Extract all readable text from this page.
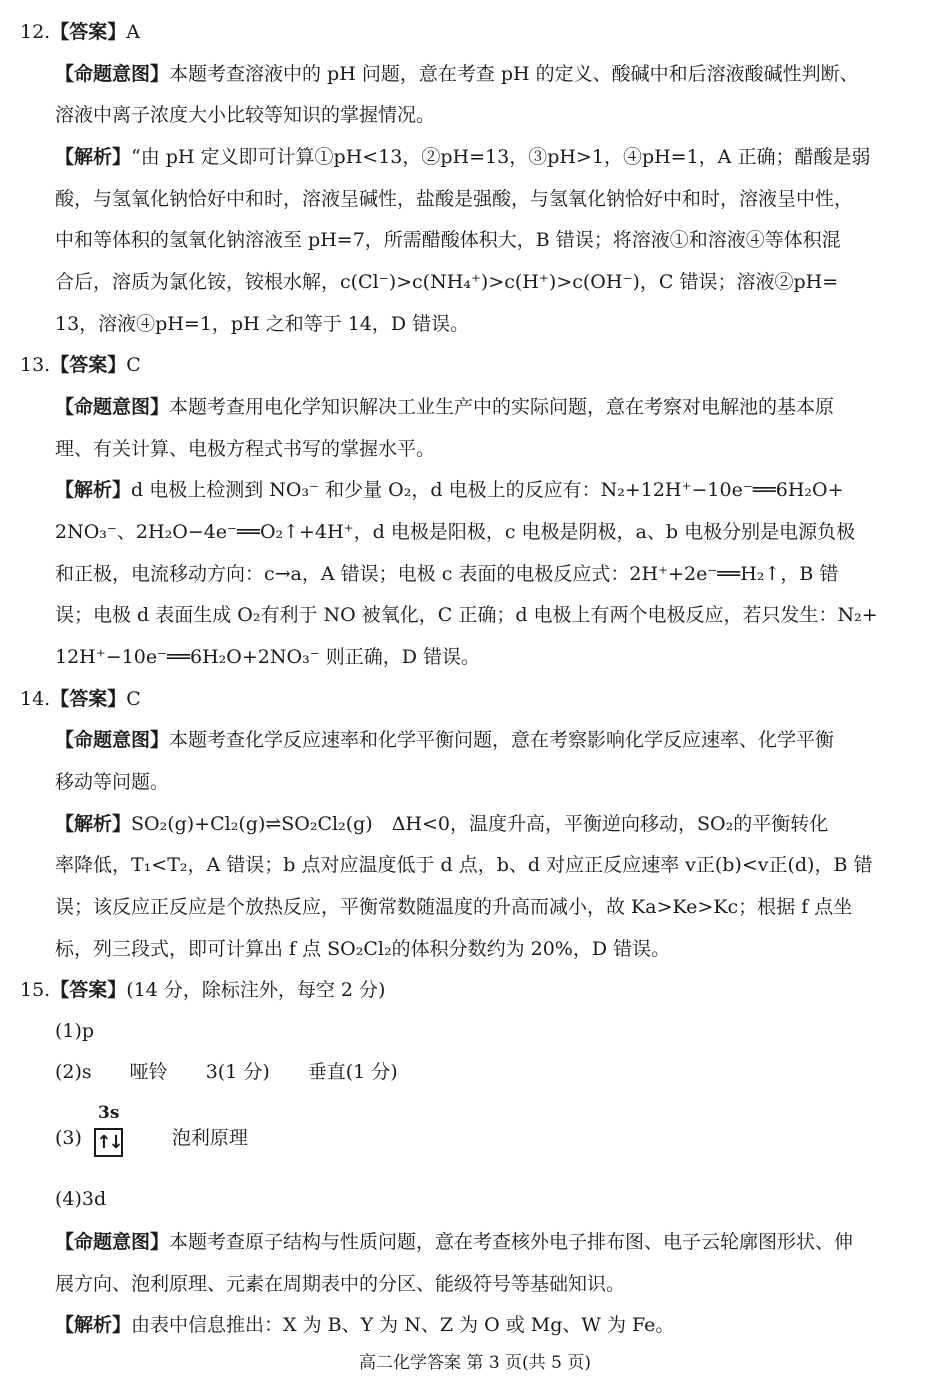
12.【答案】A

【命题意图】本题考查溶液中的 pH 问题，意在考查 pH 的定义、酸碱中和后溶液酸碱性判断、

溶液中离子浓度大小比较等知识的掌握情况。

【解析】“由 pH 定义即可计算①pH<13，②pH=13，③pH>1，④pH=1，A 正确；醋酸是弱

酸，与氢氧化钠恰好中和时，溶液呈碱性，盐酸是强酸，与氢氧化钠恰好中和时，溶液呈中性，

中和等体积的氢氧化钠溶液至 pH=7，所需醋酸体积大，B 错误；将溶液①和溶液④等体积混

合后，溶质为氯化铵，铵根水解，c(Cl⁻)>c(NH₄⁺)>c(H⁺)>c(OH⁻)，C 错误；溶液②pH=

13，溶液④pH=1，pH 之和等于 14，D 错误。

13.【答案】C

【命题意图】本题考查用电化学知识解决工业生产中的实际问题，意在考察对电解池的基本原

理、有关计算、电极方程式书写的掌握水平。

【解析】d 电极上检测到 NO₃⁻ 和少量 O₂，d 电极上的反应有：N₂+12H⁺−10e⁻══6H₂O+

2NO₃⁻、2H₂O−4e⁻══O₂↑+4H⁺，d 电极是阳极，c 电极是阴极，a、b 电极分别是电源负极

和正极，电流移动方向：c→a，A 错误；电极 c 表面的电极反应式：2H⁺+2e⁻══H₂↑，B 错

误；电极 d 表面生成 O₂有利于 NO 被氧化，C 正确；d 电极上有两个电极反应，若只发生：N₂+

12H⁺−10e⁻══6H₂O+2NO₃⁻ 则正确，D 错误。

14.【答案】C

【命题意图】本题考查化学反应速率和化学平衡问题，意在考察影响化学反应速率、化学平衡

移动等问题。

【解析】SO₂(g)+Cl₂(g)⇌SO₂Cl₂(g)　ΔH<0，温度升高，平衡逆向移动，SO₂的平衡转化

率降低，T₁<T₂，A 错误；b 点对应温度低于 d 点，b、d 对应正反应速率 v正(b)<v正(d)，B 错

误；该反应正反应是个放热反应，平衡常数随温度的升高而减小，故 Ka>Ke>Kc；根据 f 点坐

标，列三段式，即可计算出 f 点 SO₂Cl₂的体积分数约为 20%，D 错误。

15.【答案】(14 分，除标注外，每空 2 分)

(1)p

(2)s 哑铃 3(1 分) 垂直(1 分)

3s

(3)	泡利原理

↑↓

(4)3d

【命题意图】本题考查原子结构与性质问题，意在考查核外电子排布图、电子云轮廓图形状、伸

展方向、泡利原理、元素在周期表中的分区、能级符号等基础知识。

【解析】由表中信息推出：X 为 B、Y 为 N、Z 为 O 或 Mg、W 为 Fe。

高二化学答案 第 3 页(共 5 页)
